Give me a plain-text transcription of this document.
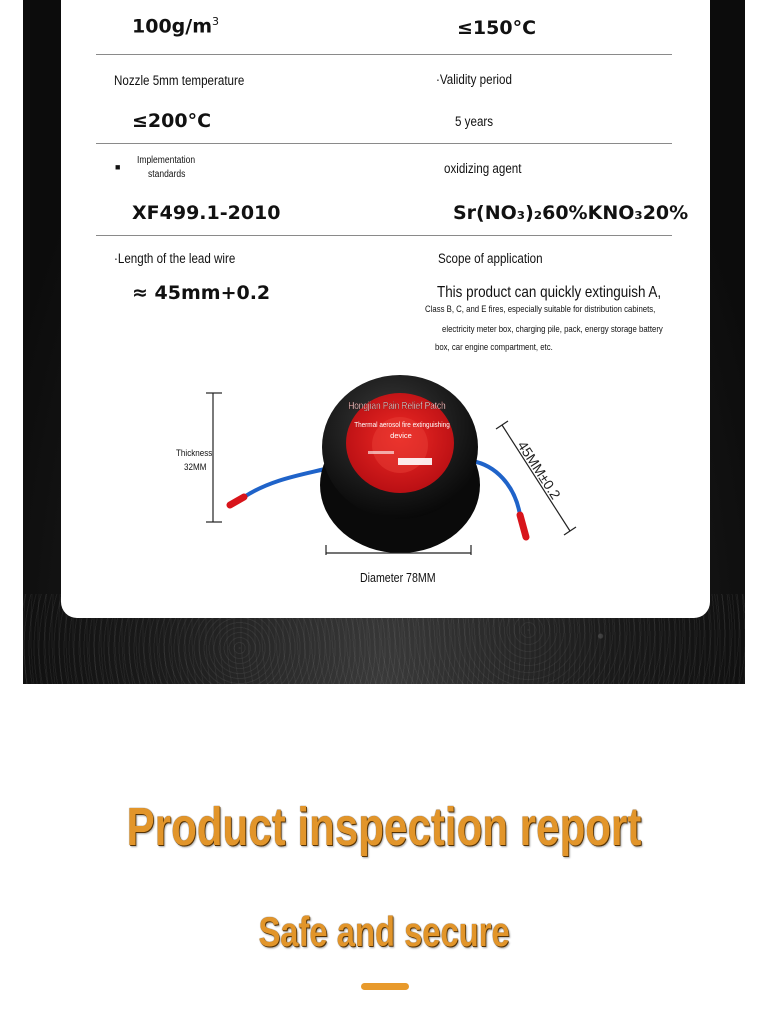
$100g/m^3$	≤150°C
Nozzle 5mm temperature
≤200°C
·Validity period
5 years
■
Implementation
standards
XF499.1-2010
oxidizing agent
Sr(NO₃)₂60%KNO₃20%
·Length of the lead wire
≈ 45mm+0.2
Scope of application
This product can quickly extinguish A,
Class B, C, and E fires, especially suitable for distribution cabinets,
electricity meter box, charging pile, pack, energy storage battery
box, car engine compartment, etc.
Hongjian Pain Relief Patch
Thermal aerosol fire extinguishing
device
45MM±0.2
Thickness
32MM
Diameter 78MM
Product inspection report
Safe and secure
